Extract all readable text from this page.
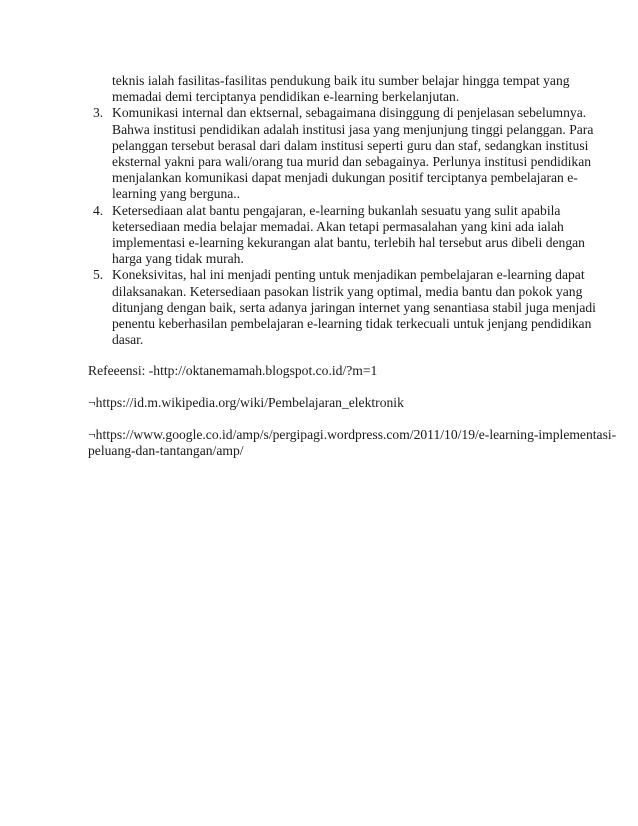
teknis ialah fasilitas-fasilitas pendukung baik itu sumber belajar hingga tempat yang
memadai demi terciptanya pendidikan e-learning berkelanjutan.
3. Komunikasi internal dan ektsernal, sebagaimana disinggung di penjelasan sebelumnya.
Bahwa institusi pendidikan adalah institusi jasa yang menjunjung tinggi pelanggan. Para
pelanggan tersebut berasal dari dalam institusi seperti guru dan staf, sedangkan institusi
eksternal yakni para wali/orang tua murid dan sebagainya. Perlunya institusi pendidikan
menjalankan komunikasi dapat menjadi dukungan positif terciptanya pembelajaran e-
learning yang berguna..
4. Ketersediaan alat bantu pengajaran, e-learning bukanlah sesuatu yang sulit apabila
ketersediaan media belajar memadai. Akan tetapi permasalahan yang kini ada ialah
implementasi e-learning kekurangan alat bantu, terlebih hal tersebut arus dibeli dengan
harga yang tidak murah.
5. Koneksivitas, hal ini menjadi penting untuk menjadikan pembelajaran e-learning dapat
dilaksanakan. Ketersediaan pasokan listrik yang optimal, media bantu dan pokok yang
ditunjang dengan baik, serta adanya jaringan internet yang senantiasa stabil juga menjadi
penentu keberhasilan pembelajaran e-learning tidak terkecuali untuk jenjang pendidikan
dasar.

Refeeensi: -http://oktanemamah.blogspot.co.id/?m=1

¬https://id.m.wikipedia.org/wiki/Pembelajaran_elektronik

¬https://www.google.co.id/amp/s/pergipagi.wordpress.com/2011/10/19/e-learning-implementasi-
peluang-dan-tantangan/amp/
